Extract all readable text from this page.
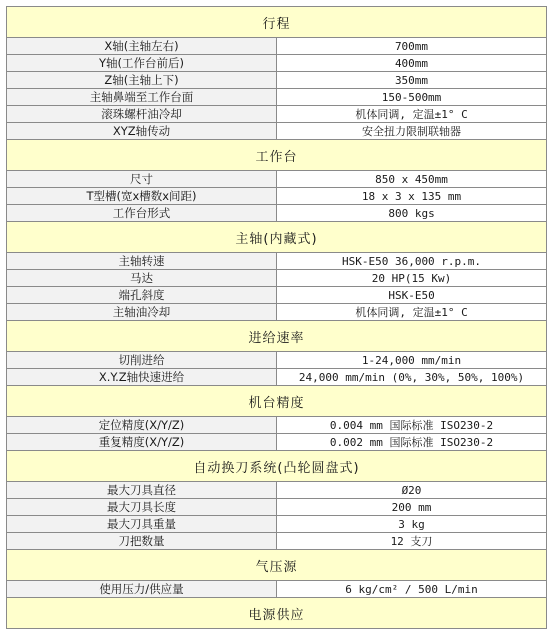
行程	
X轴(主轴左右)	700mm
Y轴(工作台前后)	400mm
Z轴(主轴上下)	350mm
主轴鼻端至工作台面	150-500mm
滚珠螺杆油冷却	机体同调, 定温±1° C
XYZ轴传动	安全扭力限制联轴器
工作台	
尺寸	850 x 450mm
T型槽(宽x槽数x间距)	18 x 3 x 135 mm
工作台形式	800 kgs
主轴(内藏式)	
主轴转速	HSK-E50 36,000 r.p.m.
马达	20 HP(15 Kw)
端孔斜度	HSK-E50
主轴油冷却	机体同调, 定温±1° C
进给速率	
切削进给	1-24,000 mm/min
X.Y.Z轴快速进给	24,000 mm/min (0%, 30%, 50%, 100%)
机台精度	
定位精度(X/Y/Z)	0.004 mm 国际标准 ISO230-2
重复精度(X/Y/Z)	0.002 mm 国际标准 ISO230-2
自动换刀系统(凸轮圆盘式)	
最大刀具直径	Ø20
最大刀具长度	200 mm
最大刀具重量	3 kg
刀把数量	12 支刀
气压源	
使用压力/供应量	6 kg/cm² / 500 L/min
电源供应	
